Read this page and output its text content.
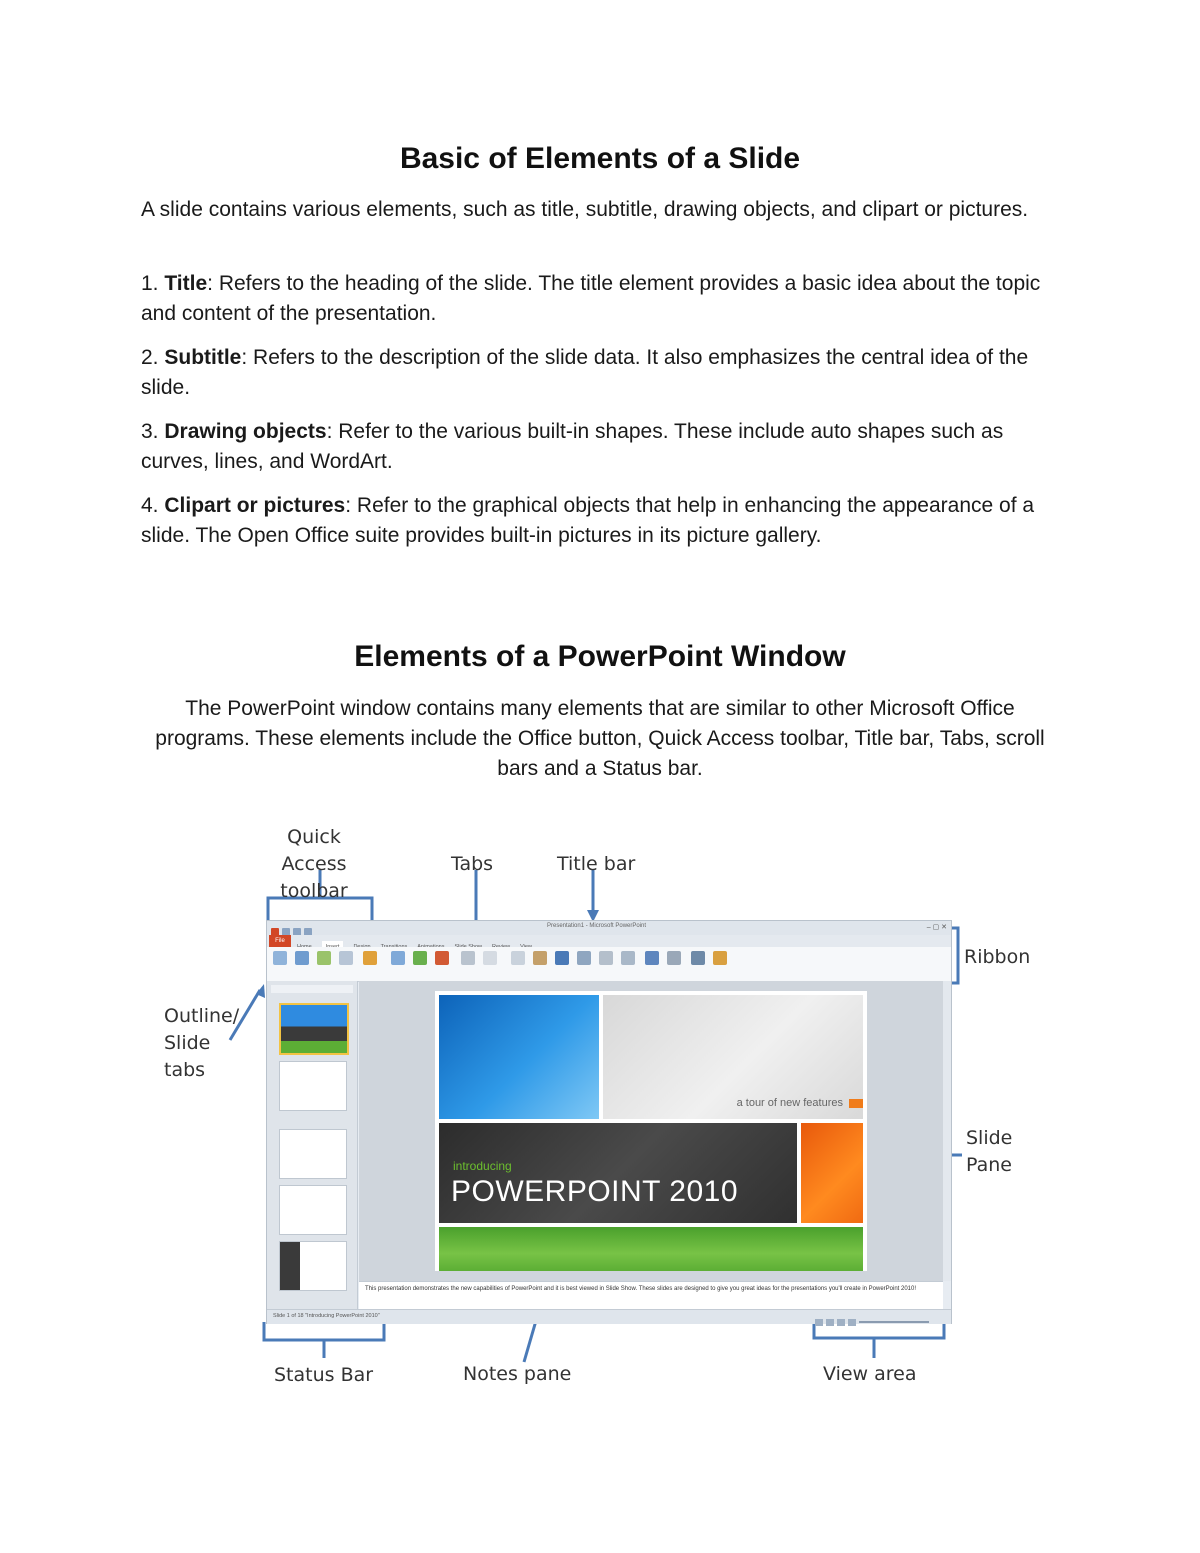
Basic of Elements of a Slide

A slide contains various elements, such as title, subtitle, drawing objects, and clipart or pictures.

1. Title: Refers to the heading of the slide. The title element provides a basic idea about the topic and content of the presentation.

2. Subtitle: Refers to the description of the slide data. It also emphasizes the central idea of the slide.

3. Drawing objects: Refer to the various built-in shapes. These include auto shapes such as curves, lines, and WordArt.

4. Clipart or pictures: Refer to the graphical objects that help in enhancing the appearance of a slide. The Open Office suite provides built-in pictures in its picture gallery.

Elements of a PowerPoint Window

The PowerPoint window contains many elements that are similar to other Microsoft Office programs. These elements include the Office button, Quick Access toolbar, Title bar, Tabs, scroll bars and a Status bar.

Quick Access
toolbar
Tabs	Title bar
Ribbon
Outline/
Slide
tabs
Slide
Pane
Status Bar	Notes pane	View area
Presentation1 - Microsoft PowerPoint	– ▢ ✕
File
a tour of new features
introducing
POWERPOINT 2010
This presentation demonstrates the new capabilities of PowerPoint and it is best viewed in Slide Show. These slides are designed to give you great ideas for the presentations you'll create in PowerPoint 2010!
Slide 1 of 18 "Introducing PowerPoint 2010"
